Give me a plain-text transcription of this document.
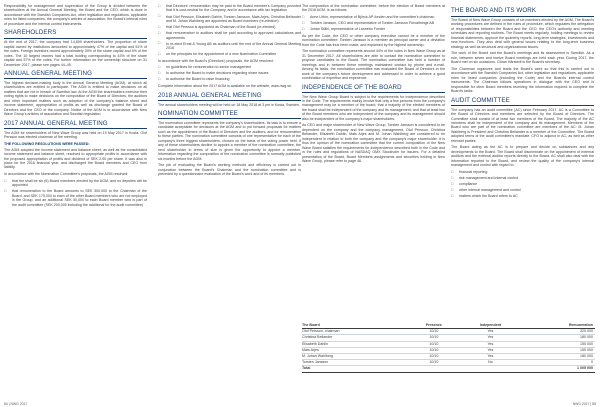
Responsibility for management and supervision of the Group is divided between the shareholders at the Annual General Meeting, the Board and the CEO, which is done in accordance with the Swedish Companies Act, other legislation and regulations, applicable rules for listed companies, the company's articles of association, the Board's internal rules of procedure and the internal control instruments.

SHAREHOLDERS

At the end of 2017, the company had 14,899 shareholders. The proportion of share capital owned by institutions amounted to approximately 47% of the capital and 51% of the votes. Foreign investors owned approximately 39% of the share capital and 4% of the votes. The 10 largest owners had a total holding corresponding to 43% of the share capital and 57% of the votes. For further information on the ownership structure on 31 December 2017, please see pages 44–45.

ANNUAL GENERAL MEETING

The highest decision-making body is the Annual General Meeting (AGM), at which all shareholders are entitled to participate. The AGM is entitled to make decisions on all matters that are not in breach of Swedish law. At the AGM the shareholders exercise their voting rights to make decisions on the composition of the Board of Directors, the auditors and other important matters such as adoption of the company's balance sheet and income statement, appropriation of profits as well as discharge granted the Board of Directors and the CEO of the company. Notice of the AGM is in accordance with New Wave Group's articles of association and Swedish legislation.

2017 ANNUAL GENERAL MEETING

The AGM for shareholders of New Wave Group was held on 19 May 2017 in Kosta. Olof Persson was elected chairman of the meeting.

THE FOLLOWING RESOLUTIONS WERE PASSED:

The AGM adopted the income statement and balance sheet, as well as the consolidated income statement and balance sheet, resolved to appropriate profits in accordance with the proposed appropriation of profits and dividend of SEK 2.00 per share. It was also in place for the 2016 financial year, and discharged the Board members and CEO from liability.

In accordance with the Nomination Committee's proposals, the AGM resolved:

□ that the shall be six (6) Board members elected by the AGM, and no deputies will be appointed
□ that remuneration to the Board amounts to SEK 300,000 to the Chairman of the Board, and SEK 175,000 to each of the other Board members who are not employed in the Group, and an additional SEK 50,000 to each Board member who is part of the audit committee (SEK 200,000 including the additional for the audit committee)
□ that Directors' remuneration may be paid to the Board member's Company provided that it is cost-neutral for the Company, and in accordance with tax legislation
□ that Olof Persson, Elisabeth Dahlin, Torsten Jansson, Mats Arjes, Christina Bellander and M. Johan Wahlberg are appointed as Board members (re-election)
□ that Olof Persson is appointed as Chairman of the Board (re-elected)
□ that remuneration to auditors shall be paid according to approved calculations and agreements
□ to re-elect Ernst & Young AB as auditors until the end of the Annual General Meeting 2018
□ on the principles for the appointment of a new Nomination Committee

In accordance with the Board's (Directors') proposals, the AGM resolved:

□ on guidelines for remuneration to senior management
□ to authorise the Board to make decisions regarding share issues
□ to authorise the Board to raise financing

Complete information about the 2017 AGM is available on the website, www.nwg.se.

2018 ANNUAL GENERAL MEETING

The annual shareholders meeting will be held on 18 May 2018 at 3 pm in Kosta, Sweden.

NOMINATION COMMITTEE

The nomination committee represents the company's shareholders. Its task is to ensure a candidate acceptable for decisions at the AGM and to put forward proposals for matters such as the appointment of the Board of Directors and the auditors, and for remuneration to these parties. The nomination committee consists of one representative for each of the company's three biggest shareholders, chosen on the basis of the voting power held. If any of these shareholders decline to appoint a member of the nomination committee, the next shareholder in terms of size is given the opportunity to appoint a member. Information regarding the composition of the nomination committee is normally published six months before the AGM.

The job of evaluating the Board's working methods and efficiency is carried out in conjunction between the Board's Chairman and the nomination committee and is preceded by a questionnaire evaluation of the Board's work and of its members.

The composition of the nomination committee, before the election of Board members at the 2018 AGM, is as follows:

□ Anne Lithin, representative of Björck AP-fonden and the committee's chairman
□ Torsten Jansson, CEO and representative of Torsten Jansson Förvaltnings AB
□ Johan Ståhl, representative of Lannebo Fonder

As per the Code, the CEO or other company executive cannot be a member of the nomination committee. Torsten Jansson is a member as principal owner and a deviation from the Code has thus been made, and explained by the highest ownership.

The nomination committee represents around 44% of the votes in New Wave Group as at 31 December 2017. All shareholders are able to contact the nomination committee to propose candidates to the Board. The nomination committee has held a number of meetings and in between these meetings maintained contact by phone and e-mail. Among its tasks, the nomination committee has evaluated the Board of Directors in the work of the company's future development and addressed in order to achieve a good combination of expertise and experience.

INDEPENDENCE OF THE BOARD

The New Wave Group Board is subject to the requirements for independence described in the Code. The requirements mainly involve that only a few persons from the company's management may be a member of the board, that a majority of the elected members of the board shall be independent of the company and its management, and that at least two of the Board members who are independent of the company and its management should also be independent of the company's major shareholders.

As CEO and major shareholder of New Wave Group, Torsten Jansson is considered to be dependent on the company and the company management. Olof Persson, Christina Bellander, Elisabeth Dahlin, Mats Arjes and M. Johan Wahlberg are considered to be independent in relation to both the company and the company's major shareholder. It is thus the opinion of the nomination committee that the current composition of the New Wave Board satisfies the requirements for independence described both in the Code and in the rules and regulations of NASDAQ OMX Stockholm for issuers. For a detailed presentation of the Board, Board Members assignments and securities holding in New Wave Group, please refer to page 46.

THE BOARD AND ITS WORK

The Board of New Wave Group consists of six members elected by the AGM. The Board's working procedures are defined in the rules of procedure, which regulates the delegation of responsibilities between the Board and the CEO, the CEO's authority and meeting schedules and reporting routines. The Board meets regularly, holding meetings to review financial statements, approve the quarterly reports, long-term strategies, investments and new functions. They also deal with general issues relating to the long-term business strategy as well as structural and organizational issues.

The work of the Board and the Board's meetings and its assessment is Swedish. As a rule, between seven and twelve Board meetings are held each year. During 2017, the Board met on six occasions. Göran Härstedt is the Board's secretary.

The Chairman organizes and leads the Board's work so that this is carried out in accordance with the Swedish Companies Act, other legislation and regulations, applicable rules for listed companies (including the Code) and the Board's internal control instruments. The Chairman follows operations in dialogue with the CEO and is responsible for other Board members receiving the information required to complete the Board's tasks.

AUDIT COMMITTEE

The company has an audit committee (AC) since February 2017. AC is a Committee to the Board of Directors and members are selected by the Board of Directors. The Committee shall consist of at least two members of the Board. The majority of the AC members shall be independent of the company and its management. Members of the Board who are part of the nomination committee are members of the AC: M. Johan Wahlberg is President and Christina Bellander is a member of the Committee. The Board adopted terms of the audit committee's mandate. CFO to adjunct in AC, as well as other relevant parties.

The Board acting as the AC is to prepare and decide on substances and any developments to the Board. The Board shall discriminate on the appointment of external auditors and the external auditor reports directly to the Board. AC shall also deal with the information reported to the Board, and review the quality of the company's internal management and control with regard to:

□ financial reporting
□ risk management and internal control
□ compliance
□ other internal management and control
□ matters which the Board refers to AC
The Board	Presence	Independent	Remuneration
Olof Persson, chairman	10/10	Yes	325 000
Christina Bellander	10/10	Yes	180 000
Elisabeth Dahlin	10/10	Yes	155 000
Mats Arjes	10/10	Yes	155 000
M. Johan Wahlberg	10/10	Yes	180 000
Torsten Jansson	10/10	No	0
Total			1 005 000
84 | NWG 2017	NWG 2017 | 85
